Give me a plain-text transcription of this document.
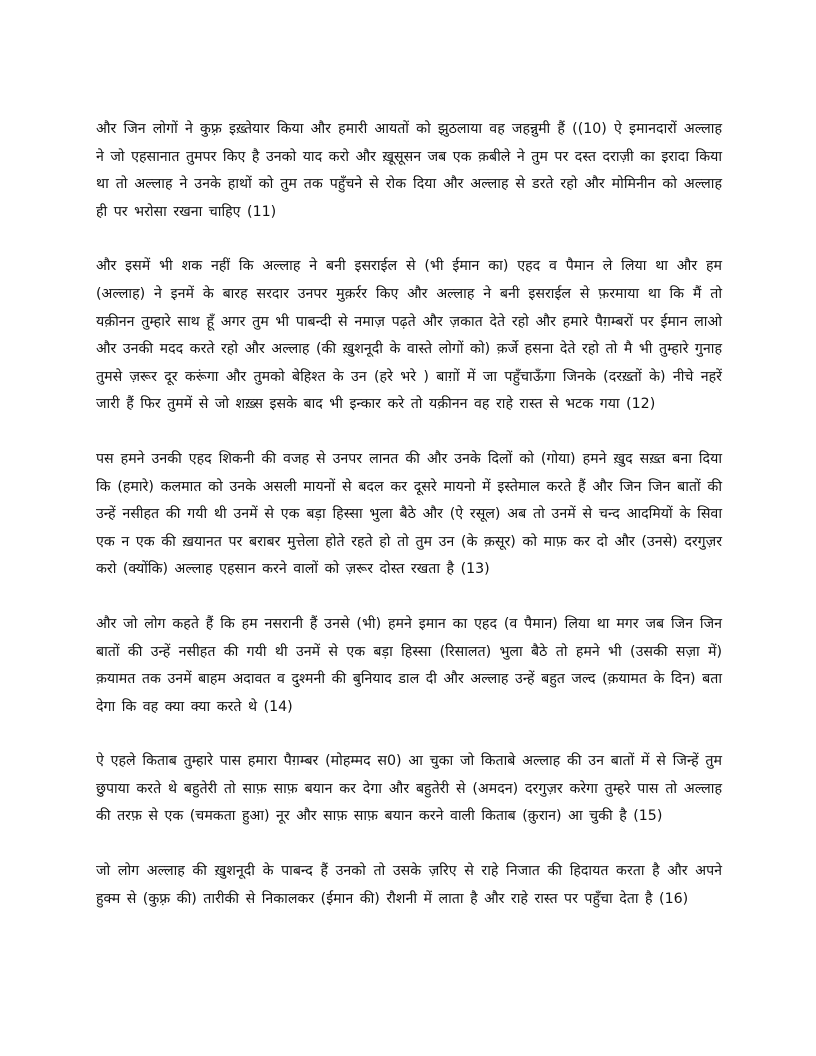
और जिन लोगों ने कुफ़्र इख़्तेयार किया और हमारी आयतों को झुठलाया वह जहन्नुमी हैं ((10) ऐ इमानदारों अल्लाह ने जो एहसानात तुमपर किए है उनको याद करो और ख़ूसूसन जब एक क़बीले ने तुम पर दस्त दराज़ी का इरादा किया था तो अल्लाह ने उनके हाथों को तुम तक पहुँचने से रोक दिया और अल्लाह से डरते रहो और मोमिनीन को अल्लाह ही पर भरोसा रखना चाहिए (11)

और इसमें भी शक नहीं कि अल्लाह ने बनी इसराईल से (भी ईमान का) एहद व पैमान ले लिया था और हम (अल्लाह) ने इनमें के बारह सरदार उनपर मुक़र्रर किए और अल्लाह ने बनी इसराईल से फ़रमाया था कि मैं तो यक़ीनन तुम्हारे साथ हूँ अगर तुम भी पाबन्दी से नमाज़ पढ़ते और ज़कात देते रहो और हमारे पैग़म्बरों पर ईमान लाओ और उनकी मदद करते रहो और अल्लाह (की ख़ुशनूदी के वास्ते लोगों को) क़र्जे हसना देते रहो तो मै भी तुम्हारे गुनाह तुमसे ज़रूर दूर करूंगा और तुमको बेहिश्त के उन (हरे भरे ) बाग़ों में जा पहुँचाऊँगा जिनके (दरख़्तों के) नीचे नहरें जारी हैं फिर तुममें से जो शख़्स इसके बाद भी इन्कार करे तो यक़ीनन वह राहे रास्त से भटक गया (12)

पस हमने उनकी एहद शिकनी की वजह से उनपर लानत की और उनके दिलों को (गोया) हमने ख़ुद सख़्त बना दिया कि (हमारे) कलमात को उनके असली मायनों से बदल कर दूसरे मायनो में इस्तेमाल करते हैं और जिन जिन बातों की उन्हें नसीहत की गयी थी उनमें से एक बड़ा हिस्सा भुला बैठे और (ऐ रसूल) अब तो उनमें से चन्द आदमियों के सिवा एक न एक की ख़यानत पर बराबर मुत्तेला होते रहते हो तो तुम उन (के क़सूर) को माफ़ कर दो और (उनसे) दरगुज़र करो (क्योंकि) अल्लाह एहसान करने वालों को ज़रूर दोस्त रखता है (13)

और जो लोग कहते हैं कि हम नसरानी हैं उनसे (भी) हमने इमान का एहद (व पैमान) लिया था मगर जब जिन जिन बातों की उन्हें नसीहत की गयी थी उनमें से एक बड़ा हिस्सा (रिसालत) भुला बैठे तो हमने भी (उसकी सज़ा में) क़यामत तक उनमें बाहम अदावत व दुश्मनी की बुनियाद डाल दी और अल्लाह उन्हें बहुत जल्द (क़यामत के दिन) बता देगा कि वह क्या क्या करते थे (14)

ऐ एहले किताब तुम्हारे पास हमारा पैग़म्बर (मोहम्मद स0) आ चुका जो किताबे अल्लाह की उन बातों में से जिन्हें तुम छुपाया करते थे बहुतेरी तो साफ़ साफ़ बयान कर देगा और बहुतेरी से (अमदन) दरगुज़र करेगा तुम्हरे पास तो अल्लाह की तरफ़ से एक (चमकता हुआ) नूर और साफ़ साफ़ बयान करने वाली किताब (क़ुरान) आ चुकी है (15)

जो लोग अल्लाह की ख़ुशनूदी के पाबन्द हैं उनको तो उसके ज़रिए से राहे निजात की हिदायत करता है और अपने हुक्म से (कुफ़्र की) तारीकी से निकालकर (ईमान की) रौशनी में लाता है और राहे रास्त पर पहुँचा देता है (16)
